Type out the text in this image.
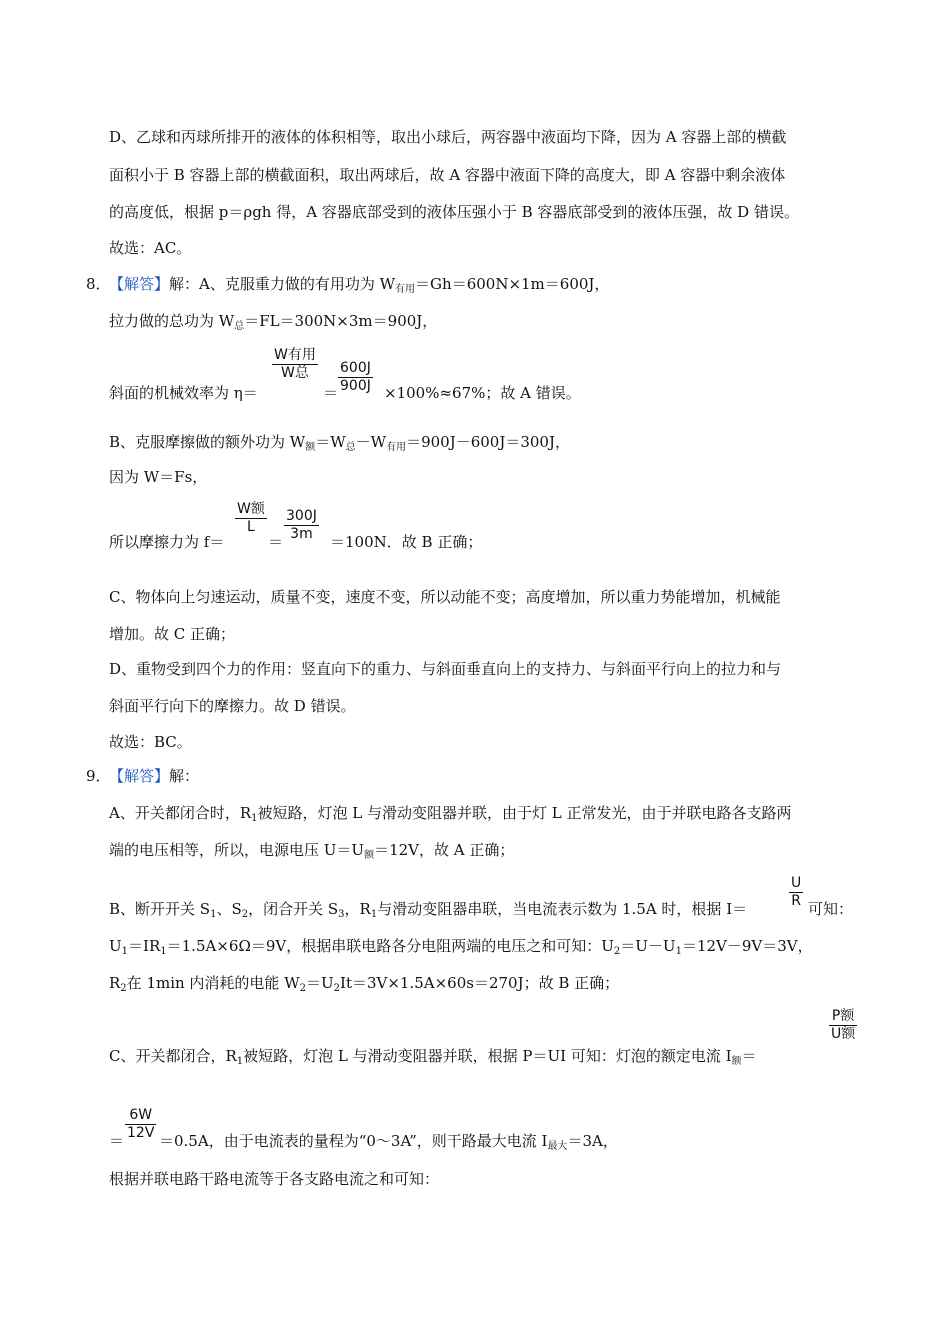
D、乙球和丙球所排开的液体的体积相等，取出小球后，两容器中液面均下降，因为 A 容器上部的横截
面积小于 B 容器上部的横截面积，取出两球后，故 A 容器中液面下降的高度大，即 A 容器中剩余液体
的高度低，根据 p＝ρgh 得，A 容器底部受到的液体压强小于 B 容器底部受到的液体压强，故 D 错误。
故选：AC。
8．
【解答】解：A、克服重力做的有用功为 $W_{有用}=Gh=600N\times 1m=600J$，
拉力做的总功为 $W_总=FL=300N\times 3m=900J$，
斜面的机械效率为 η＝
W有用
W总
＝ $\frac{600J}{900J} \times 100\%\approx 67\%$；故 A 错误。
B、克服摩擦做的额外功为 $W_额=W_总-W_{有用}=900J-600J=300J$，
因为 W＝Fs，
所以摩擦力为 f＝
W额
L
＝ $\frac{300J}{3m} =100N$．故 B 正确；
C、物体向上匀速运动，质量不变，速度不变，所以动能不变；高度增加，所以重力势能增加，机械能
增加。故 C 正确；
D、重物受到四个力的作用：竖直向下的重力、与斜面垂直向上的支持力、与斜面平行向上的拉力和与
斜面平行向下的摩擦力。故 D 错误。
故选：BC。
9．
【解答】解：
A、开关都闭合时，$R_1$被短路，灯泡 L 与滑动变阻器并联，由于灯 L 正常发光，由于并联电路各支路两
端的电压相等，所以，电源电压 $U=U_额=12V$，故 A 正确；
B、断开开关 $S_1$、$S_2$，闭合开关 $S_3$，$R_1$与滑动变阻器串联，当电流表示数为 1.5A 时，根据 I＝	$\frac{U}{R}$ 可知：
$U_1=IR_1=1.5A\times 6\Omega=9V$，根据串联电路各分电阻两端的电压之和可知：$U_2=U-U_1=12V-9V=3V$，
$R_2$在 1min 内消耗的电能 $W_2=U_2It=3V\times 1.5A\times 60s=270J$；故 B 正确；
C、开关都闭合，$R_1$被短路，灯泡 L 与滑动变阻器并联，根据 P＝UI 可知：灯泡的额定电流 $I_额=$
P额
U额
＝ $\frac{6W}{12V} =0.5A$，由于电流表的量程为“0～3A”，则干路最大电流 $I_{最大}=3A$，
根据并联电路干路电流等于各支路电流之和可知：
